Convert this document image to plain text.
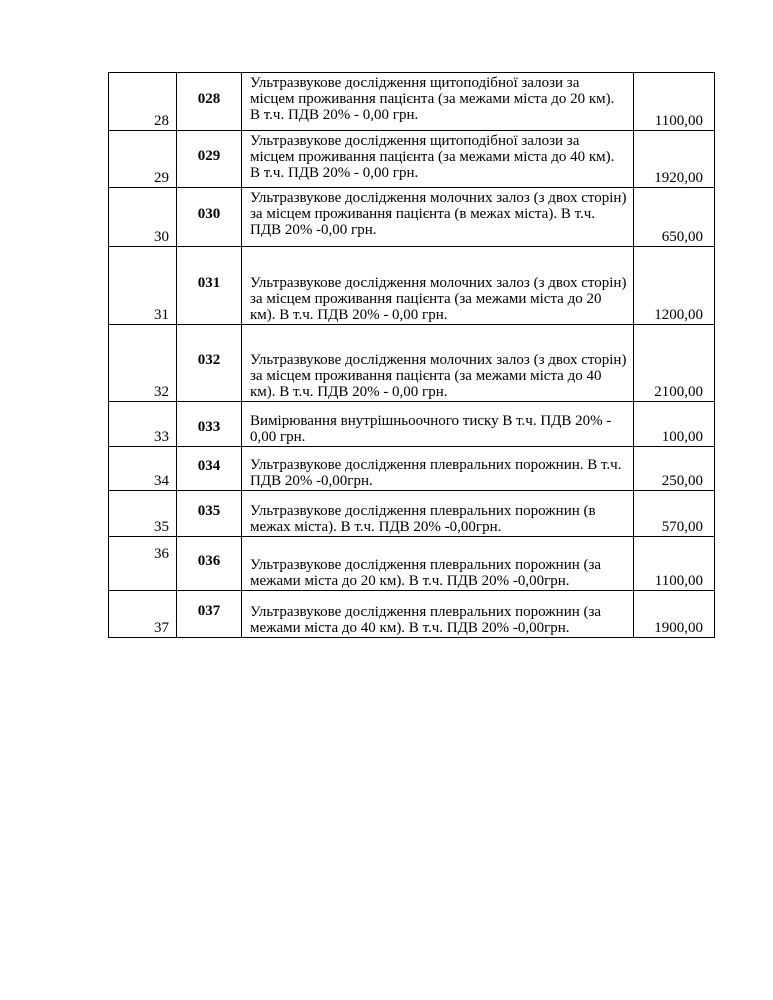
28	028	Ультразвукове дослідження щитоподібної залози за місцем проживання пацієнта (за межами міста до 20 км). В т.ч. ПДВ 20% - 0,00 грн.	1100,00
29	029	Ультразвукове дослідження щитоподібної залози за місцем проживання пацієнта (за межами міста до 40 км). В т.ч. ПДВ 20% - 0,00 грн.	1920,00
30	030	Ультразвукове дослідження молочних залоз (з двох сторін) за місцем проживання пацієнта (в межах міста). В т.ч. ПДВ 20% -0,00 грн.	650,00
31	031	Ультразвукове дослідження молочних залоз (з двох сторін) за місцем проживання пацієнта (за межами міста до 20 км). В т.ч. ПДВ 20% - 0,00 грн.	1200,00
32	032	Ультразвукове дослідження молочних залоз (з двох сторін) за місцем проживання пацієнта (за межами міста до 40 км). В т.ч. ПДВ 20% - 0,00 грн.	2100,00
33	033	Вимірювання внутрішньоочного тиску В т.ч. ПДВ 20% - 0,00 грн.	100,00
34	034	Ультразвукове дослідження плевральних порожнин. В т.ч. ПДВ 20% -0,00грн.	250,00
35	035	Ультразвукове дослідження плевральних порожнин (в межах міста). В т.ч. ПДВ 20% -0,00грн.	570,00
36	036	Ультразвукове дослідження плевральних порожнин (за межами міста до 20 км). В т.ч. ПДВ 20% -0,00грн.	1100,00
37	037	Ультразвукове дослідження плевральних порожнин (за межами міста до 40 км). В т.ч. ПДВ 20% -0,00грн.	1900,00
